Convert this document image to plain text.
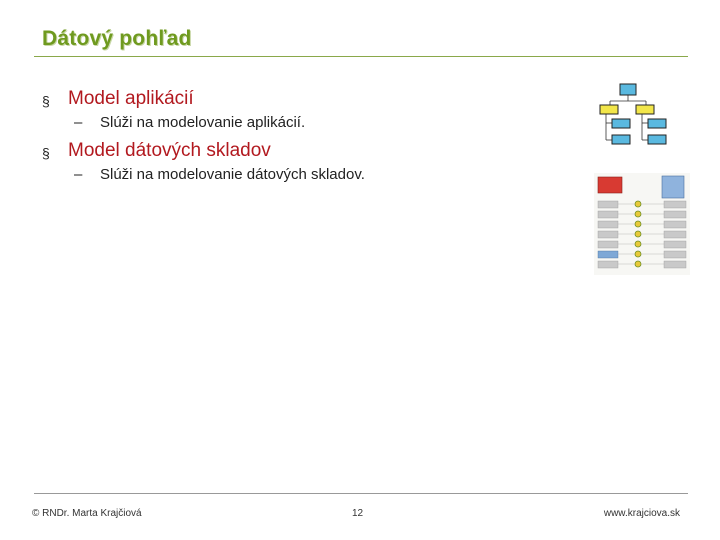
Dátový pohľad
§ Model aplikácií
– Slúži na modelovanie aplikácií.
§ Model dátových skladov
– Slúži na modelovanie dátových skladov.
© RNDr. Marta Krajčiová	12	www.krajciova.sk
